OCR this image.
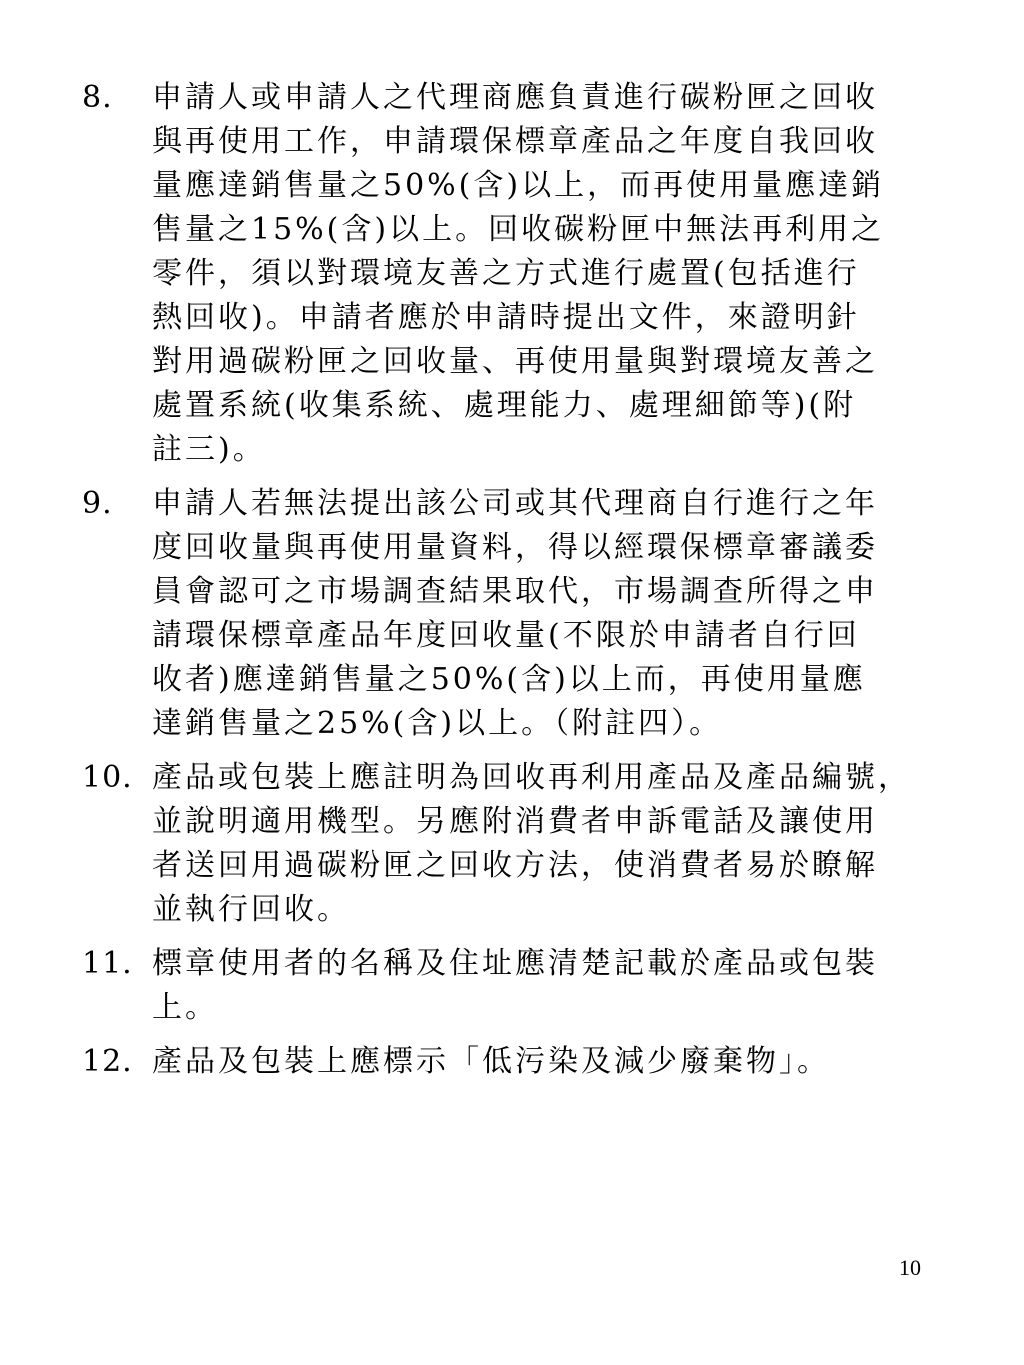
8.	申請人或申請人之代理商應負責進行碳粉匣之回收
與再使用工作，申請環保標章產品之年度自我回收
量應達銷售量之50%(含)以上，而再使用量應達銷
售量之15%(含)以上。回收碳粉匣中無法再利用之
零件，須以對環境友善之方式進行處置(包括進行
熱回收)。申請者應於申請時提出文件，來證明針
對用過碳粉匣之回收量、再使用量與對環境友善之
處置系統(收集系統、處理能力、處理細節等)(附
註三)。
9.	申請人若無法提出該公司或其代理商自行進行之年
度回收量與再使用量資料，得以經環保標章審議委
員會認可之市場調查結果取代，市場調查所得之申
請環保標章產品年度回收量(不限於申請者自行回
收者)應達銷售量之50%(含)以上而，再使用量應
達銷售量之25%(含)以上。（附註四）。
10. 產品或包裝上應註明為回收再利用產品及產品編號，
並說明適用機型。另應附消費者申訴電話及讓使用
者送回用過碳粉匣之回收方法，使消費者易於瞭解
並執行回收。
11. 標章使用者的名稱及住址應清楚記載於產品或包裝
上。
12. 產品及包裝上應標示「低污染及減少廢棄物」。
10
